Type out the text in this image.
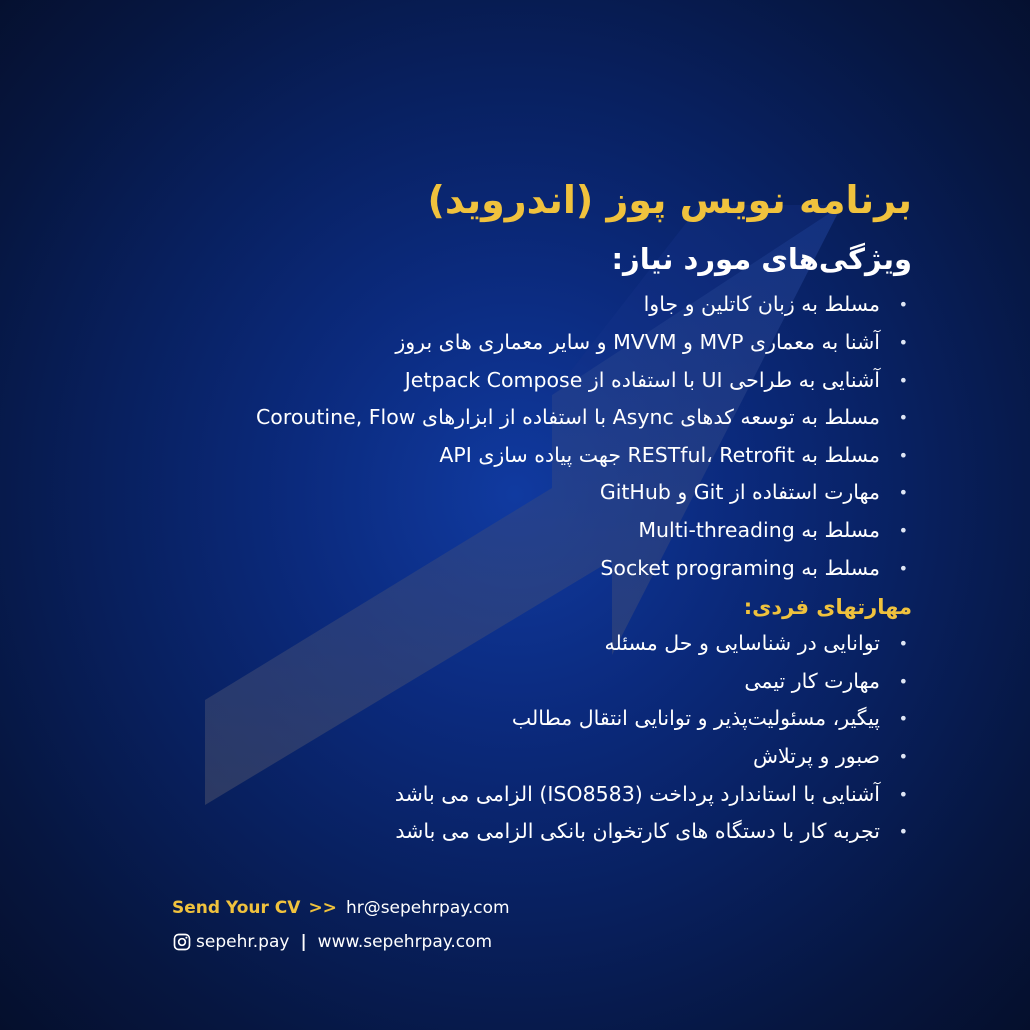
برنامه نویس پوز (اندروید)
ویژگی‌های مورد نیاز:
•
مسلط به زبان کاتلین و جاوا
•
آشنا به معماری MVP و MVVM و سایر معماری های بروز
•
آشنایی به طراحی UI با استفاده از Jetpack Compose
•
مسلط به توسعه کدهای Async با استفاده از ابزارهای Coroutine, Flow
•
مسلط به RESTful، Retrofit جهت پیاده سازی API
•
مهارت استفاده از Git و GitHub
•
مسلط به Multi-threading
•
مسلط به Socket programing
مهارتهای فردی:
•
توانایی در شناسایی و حل مسئله
•
مهارت کار تیمی
•
پیگیر، مسئولیت‌پذیر و توانایی انتقال مطالب
•
صبور و پرتلاش
•
آشنایی با استاندارد پرداخت (ISO8583) الزامی می باشد
•
تجربه کار با دستگاه های کارتخوان بانکی الزامی می باشد
Send Your CV >> hr@sepehrpay.com
sepehr.pay | www.sepehrpay.com
